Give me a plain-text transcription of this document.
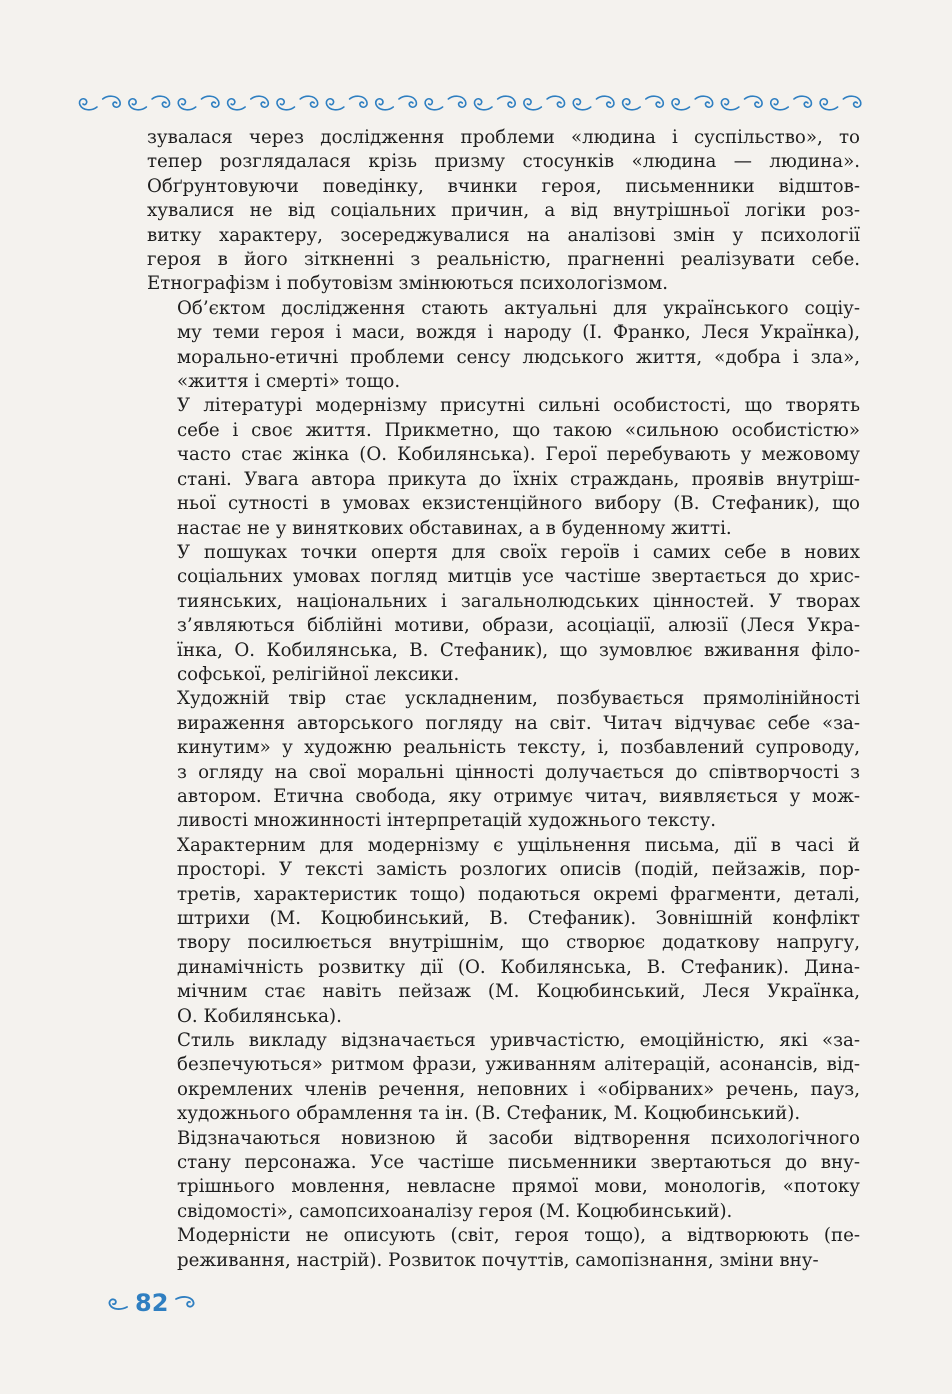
зувалася через дослідження проблеми «людина і суспільство», то
тепер розглядалася крізь призму стосунків «людина — людина».
Обґрунтовуючи поведінку, вчинки героя, письменники відштов-
хувалися не від соціальних причин, а від внутрішньої логіки роз-
витку характеру, зосереджувалися на аналізові змін у психології
героя в його зіткненні з реальністю, прагненні реалізувати себе.
Етнографізм і побутовізм змінюються психологізмом.

Об’єктом дослідження стають актуальні для українського соціу-
му теми героя і маси, вождя і народу (І. Франко, Леся Українка),
морально-етичні проблеми сенсу людського життя, «добра і зла»,
«життя і смерті» тощо.

У літературі модернізму присутні сильні особистості, що творять
себе і своє життя. Прикметно, що такою «сильною особистістю»
часто стає жінка (О. Кобилянська). Герої перебувають у межовому
стані. Увага автора прикута до їхніх страждань, проявів внутріш-
ньої сутності в умовах екзистенційного вибору (В. Стефаник), що
настає не у виняткових обставинах, а в буденному житті.

У пошуках точки опертя для своїх героїв і самих себе в нових
соціальних умовах погляд митців усе частіше звертається до хрис-
тиянських, національних і загальнолюдських цінностей. У творах
з’являються біблійні мотиви, образи, асоціації, алюзії (Леся Укра-
їнка, О. Кобилянська, В. Стефаник), що зумовлює вживання філо-
софської, релігійної лексики.

Художній твір стає ускладненим, позбувається прямолінійності
вираження авторського погляду на світ. Читач відчуває себе «за-
кинутим» у художню реальність тексту, і, позбавлений супроводу,
з огляду на свої моральні цінності долучається до співтворчості з
автором. Етична свобода, яку отримує читач, виявляється у мож-
ливості множинності інтерпретацій художнього тексту.

Характерним для модернізму є ущільнення письма, дії в часі й
просторі. У тексті замість розлогих описів (подій, пейзажів, пор-
третів, характеристик тощо) подаються окремі фрагменти, деталі,
штрихи (М. Коцюбинський, В. Стефаник). Зовнішній конфлікт
твору посилюється внутрішнім, що створює додаткову напругу,
динамічність розвитку дії (О. Кобилянська, В. Стефаник). Дина-
мічним стає навіть пейзаж (М. Коцюбинський, Леся Українка,
О. Кобилянська).

Стиль викладу відзначається уривчастістю, емоційністю, які «за-
безпечуються» ритмом фрази, уживанням алітерацій, асонансів, від-
окремлених членів речення, неповних і «обірваних» речень, пауз,
художнього обрамлення та ін. (В. Стефаник, М. Коцюбинський).

Відзначаються новизною й засоби відтворення психологічного
стану персонажа. Усе частіше письменники звертаються до вну-
трішнього мовлення, невласне прямої мови, монологів, «потоку
свідомості», самопсихоаналізу героя (М. Коцюбинський).

Модерністи не описують (світ, героя тощо), а відтворюють (пе-
реживання, настрій). Розвиток почуттів, самопізнання, зміни вну-

82
